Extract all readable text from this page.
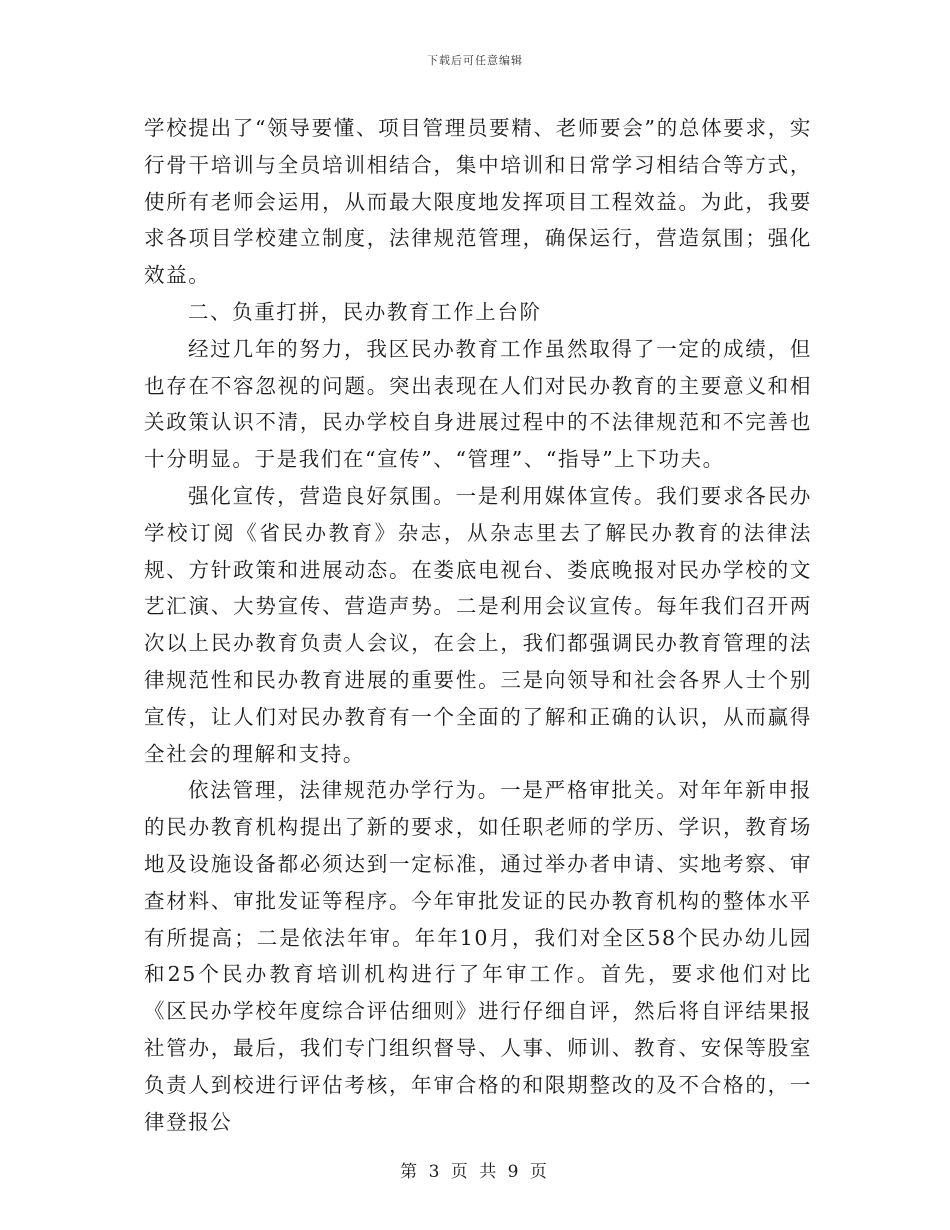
下载后可任意编辑

学校提出了“领导要懂、项目管理员要精、老师要会”的总体要求，实行骨干培训与全员培训相结合，集中培训和日常学习相结合等方式，使所有老师会运用，从而最大限度地发挥项目工程效益。为此，我要求各项目学校建立制度，法律规范管理，确保运行，营造氛围；强化效益。

二、负重打拼，民办教育工作上台阶

经过几年的努力，我区民办教育工作虽然取得了一定的成绩，但也存在不容忽视的问题。突出表现在人们对民办教育的主要意义和相关政策认识不清，民办学校自身进展过程中的不法律规范和不完善也十分明显。于是我们在“宣传”、“管理”、“指导”上下功夫。

强化宣传，营造良好氛围。一是利用媒体宣传。我们要求各民办学校订阅《省民办教育》杂志，从杂志里去了解民办教育的法律法规、方针政策和进展动态。在娄底电视台、娄底晚报对民办学校的文艺汇演、大势宣传、营造声势。二是利用会议宣传。每年我们召开两次以上民办教育负责人会议，在会上，我们都强调民办教育管理的法律规范性和民办教育进展的重要性。三是向领导和社会各界人士个别宣传，让人们对民办教育有一个全面的了解和正确的认识，从而赢得全社会的理解和支持。

依法管理，法律规范办学行为。一是严格审批关。对年年新申报的民办教育机构提出了新的要求，如任职老师的学历、学识，教育场地及设施设备都必须达到一定标准，通过举办者申请、实地考察、审查材料、审批发证等程序。今年审批发证的民办教育机构的整体水平有所提高；二是依法年审。年年10月，我们对全区58个民办幼儿园和25个民办教育培训机构进行了年审工作。首先，要求他们对比《区民办学校年度综合评估细则》进行仔细自评，然后将自评结果报社管办，最后，我们专门组织督导、人事、师训、教育、安保等股室负责人到校进行评估考核，年审合格的和限期整改的及不合格的，一律登报公

第 3 页 共 9 页
